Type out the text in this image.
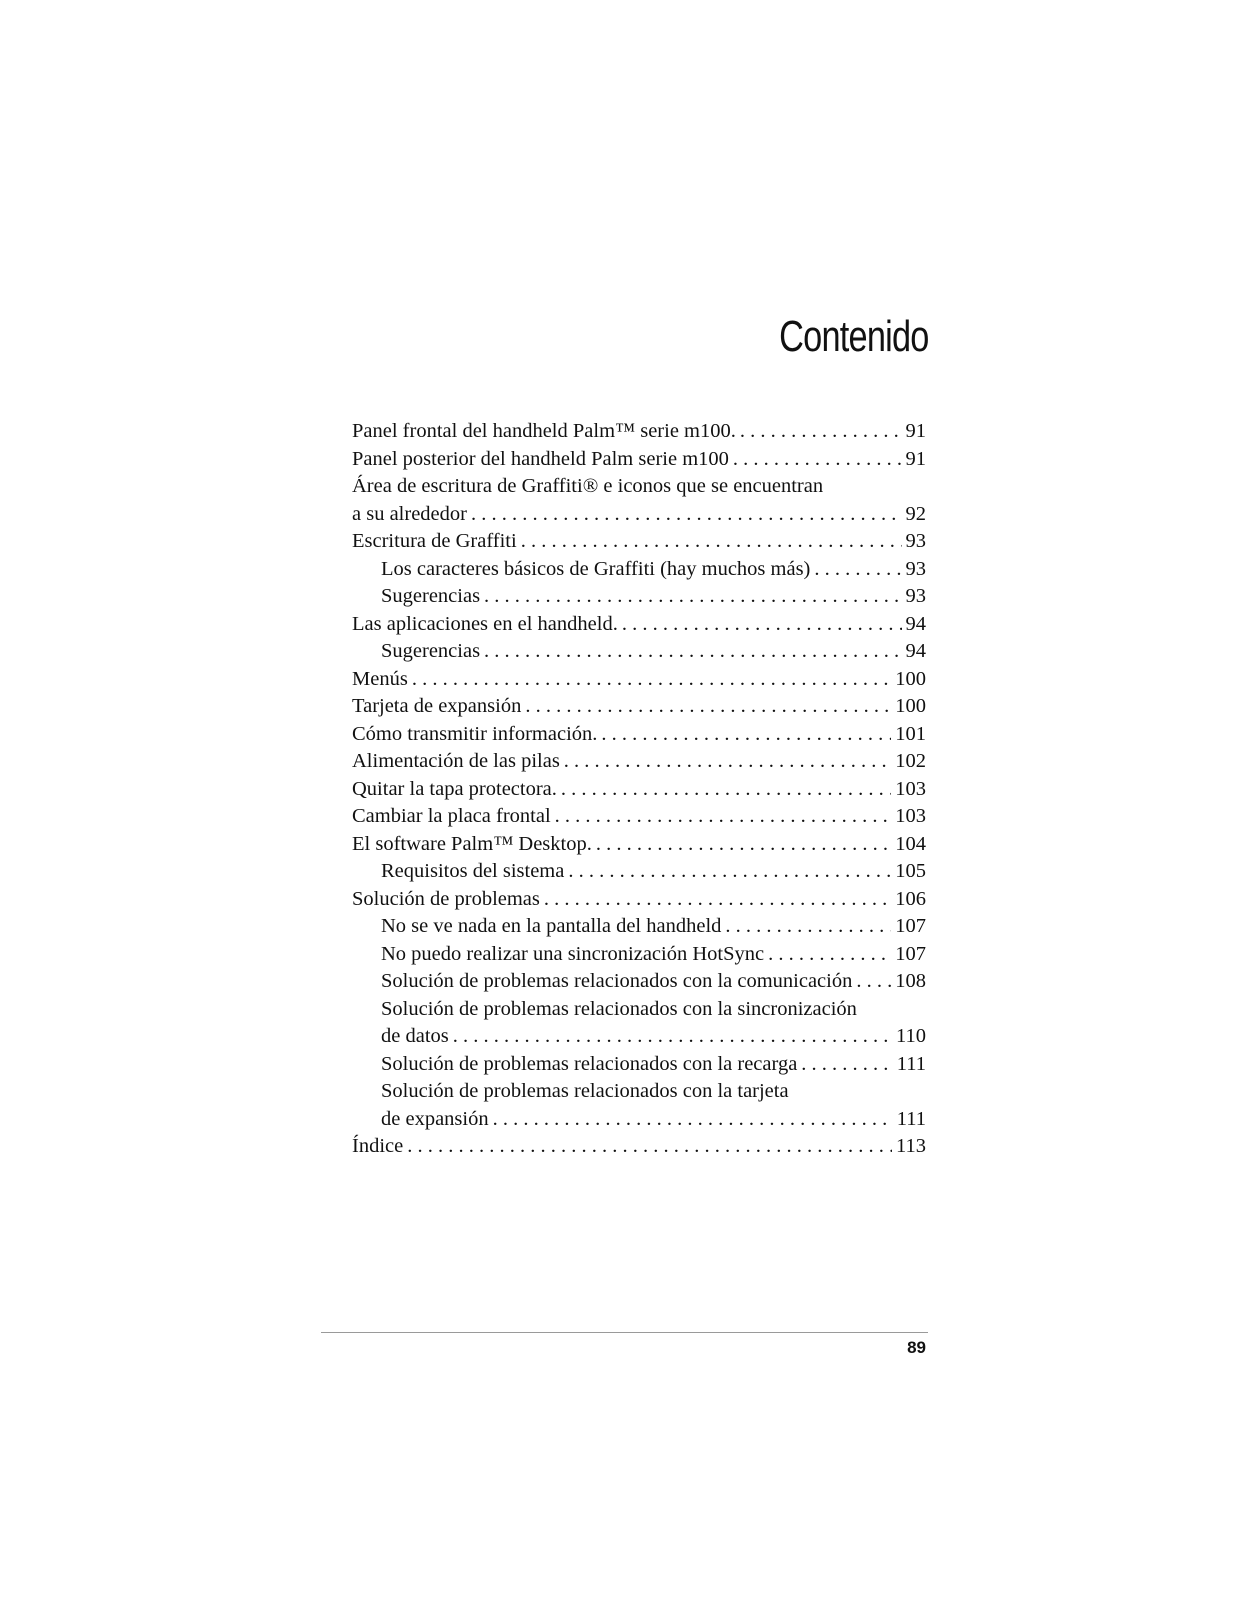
Contenido
Panel frontal del handheld Palm™ serie m100. . . .	91
Panel posterior del handheld Palm serie m100 . . .	91
Área de escritura de Graffiti® e iconos que se encuentran
a su alrededor . . .	92
Escritura de Graffiti . . .	93
Los caracteres básicos de Graffiti (hay muchos más) . . .	93
Sugerencias . . .	93
Las aplicaciones en el handheld. . . .	94
Sugerencias . . .	94
Menús . . .	100
Tarjeta de expansión . . .	100
Cómo transmitir información. . . .	101
Alimentación de las pilas . . .	102
Quitar la tapa protectora. . . .	103
Cambiar la placa frontal . . .	103
El software Palm™ Desktop. . . .	104
Requisitos del sistema . . .	105
Solución de problemas . . .	106
No se ve nada en la pantalla del handheld . . .	107
No puedo realizar una sincronización HotSync . . .	107
Solución de problemas relacionados con la comunicación . . . 108
Solución de problemas relacionados con la sincronización
de datos . . .	110
Solución de problemas relacionados con la recarga . . .	111
Solución de problemas relacionados con la tarjeta
de expansión . . .	111
Índice . . .	113
89
